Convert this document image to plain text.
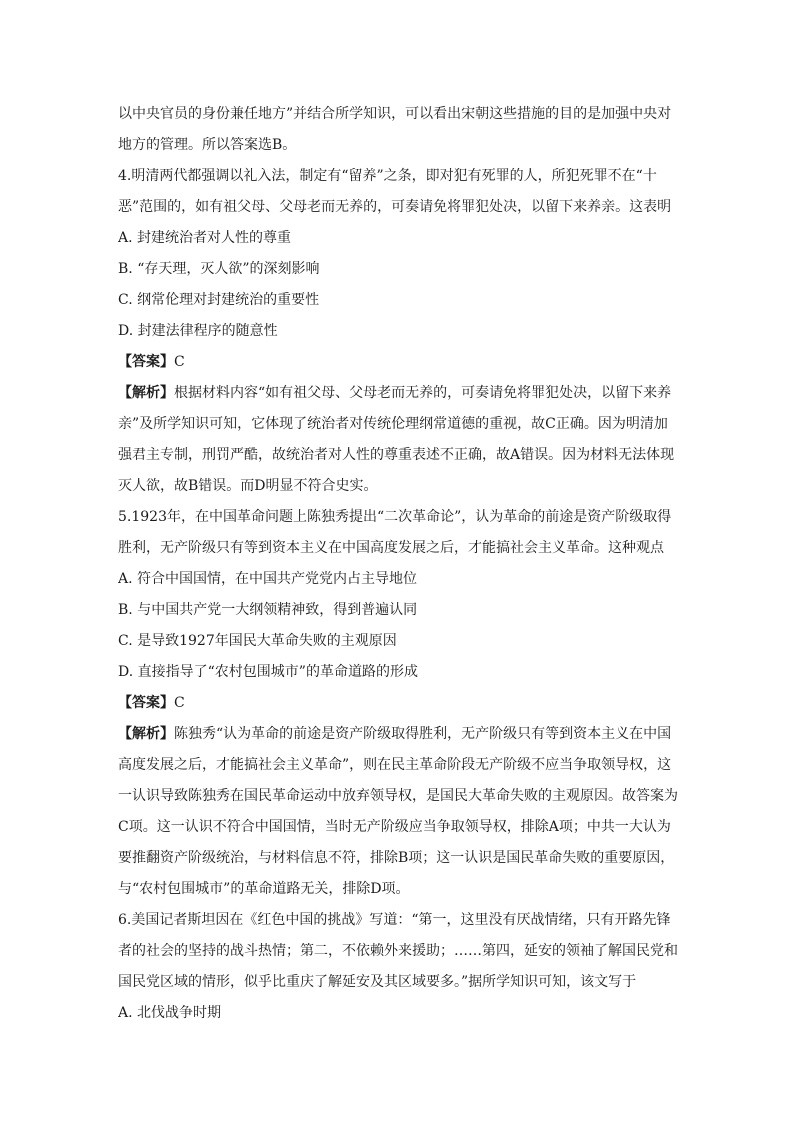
以中央官员的身份兼任地方”并结合所学知识，可以看出宋朝这些措施的目的是加强中央对
地方的管理。所以答案选B。
4.明清两代都强调以礼入法，制定有“留养”之条，即对犯有死罪的人，所犯死罪不在“十
恶”范围的，如有祖父母、父母老而无养的，可奏请免将罪犯处决，以留下来养亲。这表明
A. 封建统治者对人性的尊重
B. “存天理，灭人欲”的深刻影响
C. 纲常伦理对封建统治的重要性
D. 封建法律程序的随意性
【答案】C
【解析】根据材料内容“如有祖父母、父母老而无养的，可奏请免将罪犯处决，以留下来养
亲”及所学知识可知，它体现了统治者对传统伦理纲常道德的重视，故C正确。因为明清加
强君主专制，刑罚严酷，故统治者对人性的尊重表述不正确，故A错误。因为材料无法体现
灭人欲，故B错误。而D明显不符合史实。
5.1923年，在中国革命问题上陈独秀提出“二次革命论”，认为革命的前途是资产阶级取得
胜利，无产阶级只有等到资本主义在中国高度发展之后，才能搞社会主义革命。这种观点
A. 符合中国国情，在中国共产党党内占主导地位
B. 与中国共产党一大纲领精神致，得到普遍认同
C. 是导致1927年国民大革命失败的主观原因
D. 直接指导了“农村包围城市”的革命道路的形成
【答案】C
【解析】陈独秀“认为革命的前途是资产阶级取得胜利，无产阶级只有等到资本主义在中国
高度发展之后，才能搞社会主义革命”，则在民主革命阶段无产阶级不应当争取领导权，这
一认识导致陈独秀在国民革命运动中放弃领导权，是国民大革命失败的主观原因。故答案为
C项。这一认识不符合中国国情，当时无产阶级应当争取领导权，排除A项；中共一大认为
要推翻资产阶级统治，与材料信息不符，排除B项；这一认识是国民革命失败的重要原因，
与“农村包围城市”的革命道路无关，排除D项。
6.美国记者斯坦因在《红色中国的挑战》写道：“第一，这里没有厌战情绪，只有开路先锋
者的社会的坚持的战斗热情；第二，不依赖外来援助；……第四，延安的领袖了解国民党和
国民党区域的情形，似乎比重庆了解延安及其区域要多。”据所学知识可知，该文写于
A. 北伐战争时期
